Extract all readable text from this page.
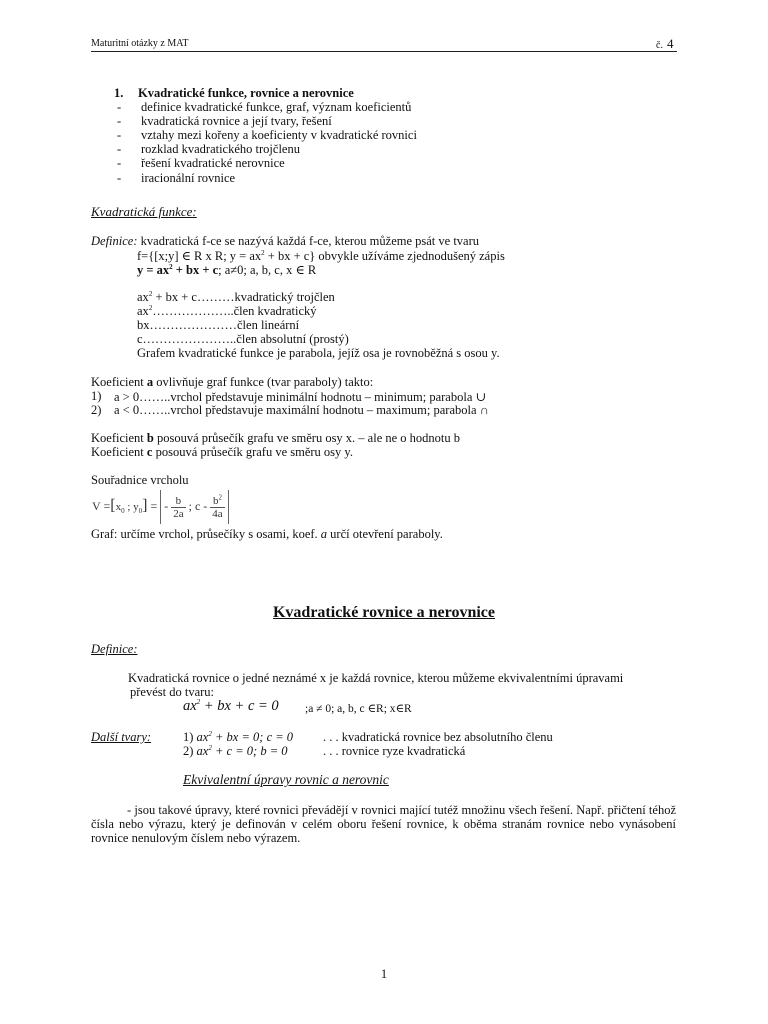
Maturitní otázky z MAT	č. 4
1. Kvadratické funkce, rovnice a nerovnice
- definice kvadratické funkce, graf, význam koeficientů
- kvadratická rovnice a její tvary, řešení
- vztahy mezi kořeny a koeficienty v kvadratické rovnici
- rozklad kvadratického trojčlenu
- řešení kvadratické nerovnice
- iracionální rovnice
Kvadratická funkce:
Definice: kvadratická f-ce se nazývá každá f-ce, kterou můžeme psát ve tvaru
f={[x;y] ∈ R x R; $y = ax^2$ + bx + c} obvykle užíváme zjednodušený zápis
$y = ax^2$ + bx + c; a≠0; a, b, c, x ∈ R
$ax^2$ + bx + c………kvadratický trojčlen
$ax^2\dots\dots\dots\dots\dots\dots..člen$ kvadratický
bx…………………člen lineární
c…………………..člen absolutní (prostý)
Grafem kvadratické funkce je parabola, jejíž osa je rovnoběžná s osou y.
Koeficient a ovlivňuje graf funkce (tvar paraboly) takto:
1) a > 0……..vrchol představuje minimální hodnotu – minimum; parabola ∪
2) a < 0……..vrchol představuje maximální hodnotu – maximum; parabola ∩
Koeficient b posouvá průsečík grafu ve směru osy x. – ale ne o hodnotu b
Koeficient c posouvá průsečík grafu ve směru osy y.
Souřadnice vrcholu
$V =[x_0$ ; $y_0$] = - $\frac{b}{2a}$ ; c - $\frac{b^2}{4a}$

Graf: určíme vrchol, průsečíky s osami, koef. a určí otevření paraboly.
Kvadratické rovnice a nerovnice
Definice:
Kvadratická rovnice o jedné neznámé x je každá rovnice, kterou můžeme ekvivalentními úpravami
převést do tvaru:
$ax^2$ + bx + c = 0 ;a ≠ 0; a, b, c ∈R; x∈R
Další tvary:	1) $ax^2$ + bx = 0; c = 0 . . . kvadratická rovnice bez absolutního členu
2) $ax^2 + c = 0$; b = 0	. . . rovnice ryze kvadratická
Ekvivalentní úpravy rovnic a nerovnic
- jsou takové úpravy, které rovnici převádějí v rovnici mající tutéž množinu všech řešení. Např. přičtení téhož čísla nebo výrazu, který je definován v celém oboru řešení rovnice, k oběma stranám rovnice nebo vynásobení rovnice nenulovým číslem nebo výrazem.
1
